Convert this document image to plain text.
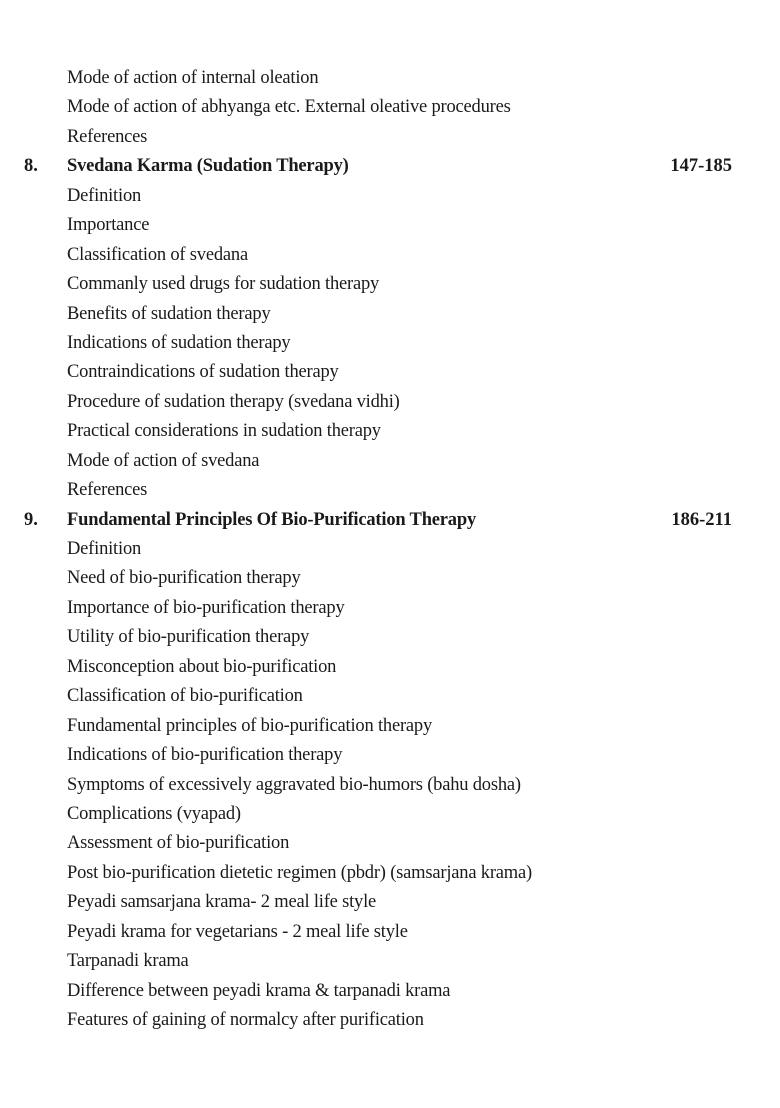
Mode of action of internal oleation
Mode of action of abhyanga etc. External oleative procedures
References
8. Svedana Karma (Sudation Therapy)	147-185
Definition
Importance
Classification of svedana
Commanly used drugs for sudation therapy
Benefits of sudation therapy
Indications of sudation therapy
Contraindications of sudation therapy
Procedure of sudation therapy (svedana vidhi)
Practical considerations in sudation therapy
Mode of action of svedana
References
9. Fundamental Principles Of Bio-Purification Therapy	186-211
Definition
Need of bio-purification therapy
Importance of bio-purification therapy
Utility of bio-purification therapy
Misconception about bio-purification
Classification of bio-purification
Fundamental principles of bio-purification therapy
Indications of bio-purification therapy
Symptoms of excessively aggravated bio-humors (bahu dosha)
Complications (vyapad)
Assessment of bio-purification
Post bio-purification dietetic regimen (pbdr) (samsarjana krama)
Peyadi samsarjana krama- 2 meal life style
Peyadi krama for vegetarians - 2 meal life style
Tarpanadi krama
Difference between peyadi krama & tarpanadi krama
Features of gaining of normalcy after purification
